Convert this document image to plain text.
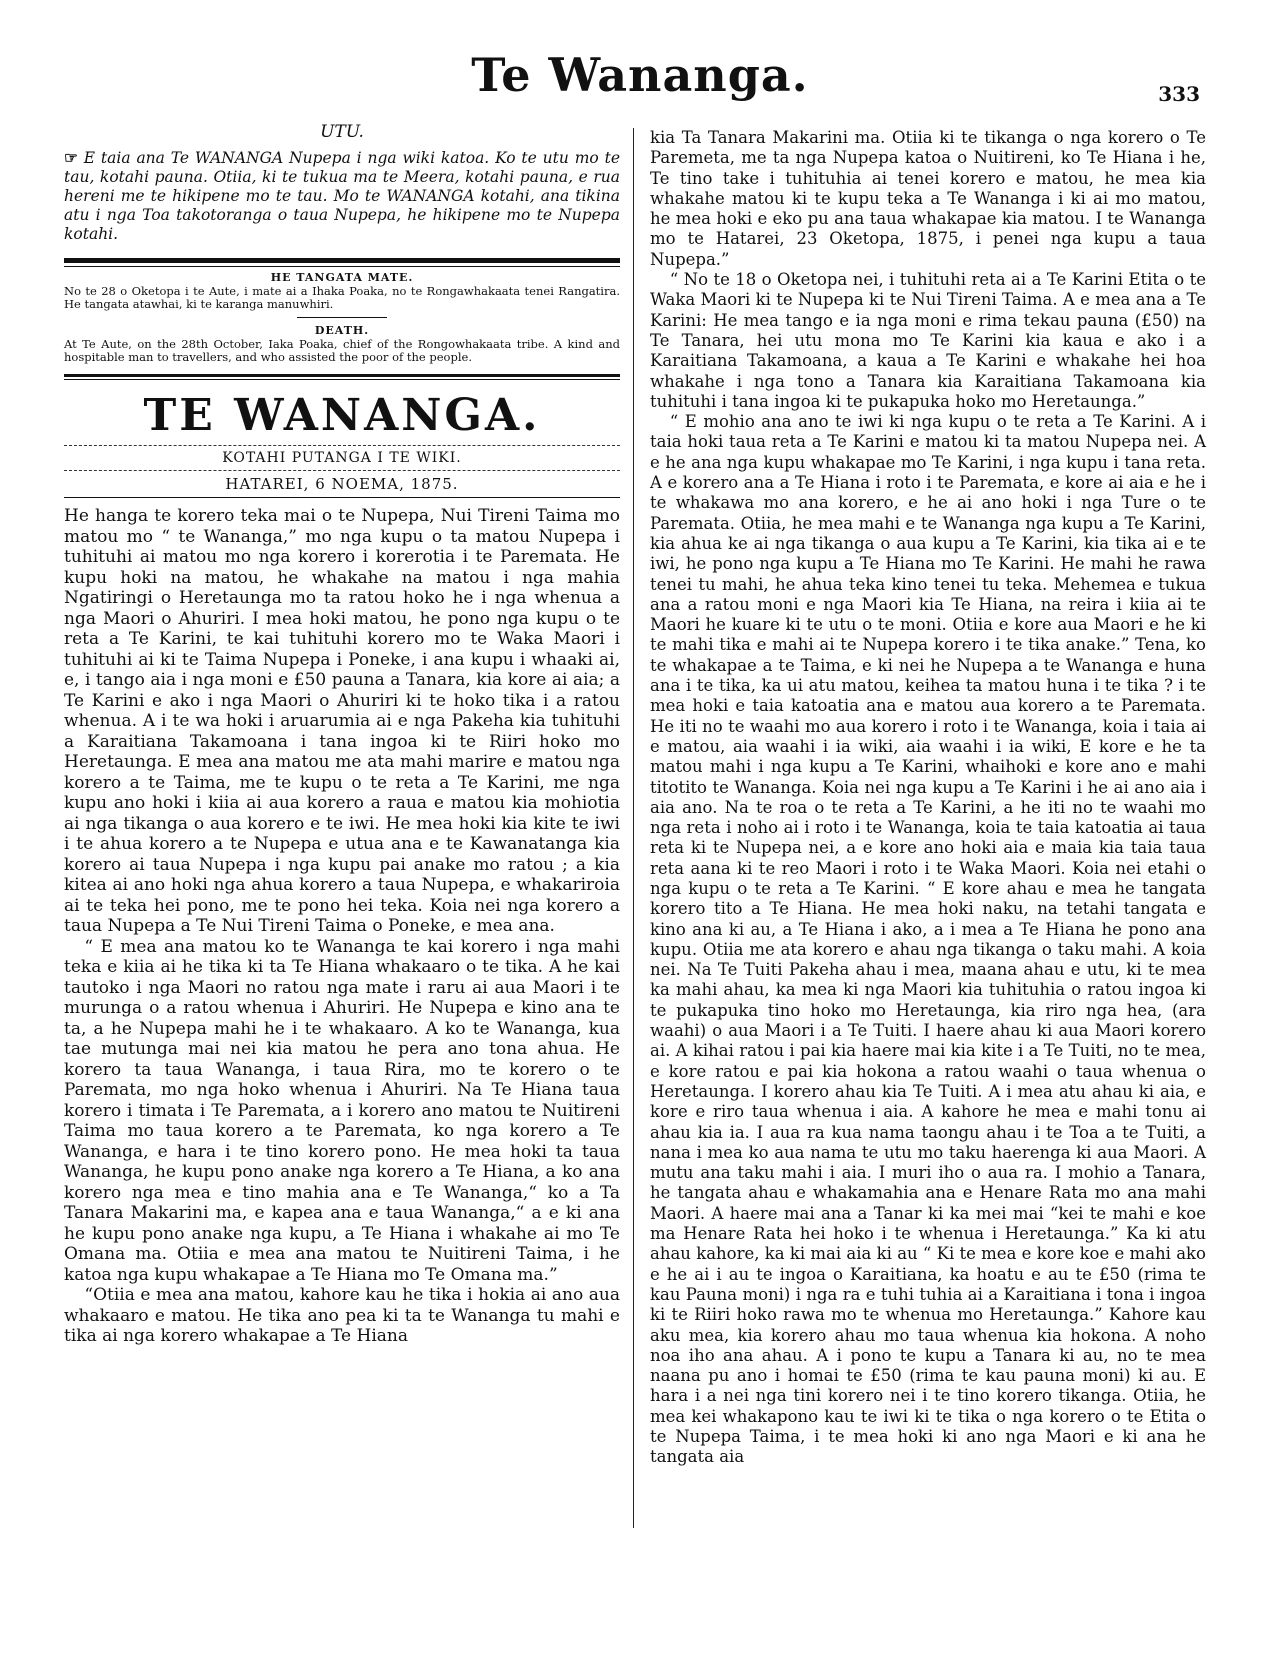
Te Wananga.	333

UTU.

☞ E taia ana Te WANANGA Nupepa i nga wiki katoa. Ko te utu mo te tau, kotahi pauna. Otiia, ki te tukua ma te Meera, kotahi pauna, e rua hereni me te hikipene mo te tau. Mo te WANANGA kotahi, ana tikina atu i nga Toa takotoranga o taua Nupepa, he hikipene mo te Nupepa kotahi.

HE TANGATA MATE.

No te 28 o Oketopa i te Aute, i mate ai a Ihaka Poaka, no te Rongawhakaata tenei Rangatira. He tangata atawhai, ki te karanga manuwhiri.

DEATH.

At Te Aute, on the 28th October, Iaka Poaka, chief of the Rongowhakaata tribe. A kind and hospitable man to travellers, and who assisted the poor of the people.

TE WANANGA.
KOTAHI PUTANGA I TE WIKI.
HATAREI, 6 NOEMA, 1875.

He hanga te korero teka mai o te Nupepa, Nui Tireni Taima mo matou mo “ te Wananga,” mo nga kupu o ta matou Nupepa i tuhituhi ai matou mo nga korero i korerotia i te Paremata. He kupu hoki na matou, he whakahe na matou i nga mahia Ngatiringi o Heretaunga mo ta ratou hoko he i nga whenua a nga Maori o Ahuriri. I mea hoki matou, he pono nga kupu o te reta a Te Karini, te kai tuhituhi korero mo te Waka Maori i tuhituhi ai ki te Taima Nupepa i Poneke, i ana kupu i whaaki ai, e, i tango aia i nga moni e £50 pauna a Tanara, kia kore ai aia; a Te Karini e ako i nga Maori o Ahuriri ki te hoko tika i a ratou whenua. A i te wa hoki i aruarumia ai e nga Pakeha kia tuhituhi a Karaitiana Takamoana i tana ingoa ki te Riiri hoko mo Heretaunga. E mea ana matou me ata mahi marire e matou nga korero a te Taima, me te kupu o te reta a Te Karini, me nga kupu ano hoki i kiia ai aua korero a raua e matou kia mohiotia ai nga tikanga o aua korero e te iwi. He mea hoki kia kite te iwi i te ahua korero a te Nupepa e utua ana e te Kawanatanga kia korero ai taua Nupepa i nga kupu pai anake mo ratou ; a kia kitea ai ano hoki nga ahua korero a taua Nupepa, e whakariroia ai te teka hei pono, me te pono hei teka. Koia nei nga korero a taua Nupepa a Te Nui Tireni Taima o Poneke, e mea ana.

“ E mea ana matou ko te Wananga te kai korero i nga mahi teka e kiia ai he tika ki ta Te Hiana whakaaro o te tika. A he kai tautoko i nga Maori no ratou nga mate i raru ai aua Maori i te murunga o a ratou whenua i Ahuriri. He Nupepa e kino ana te ta, a he Nupepa mahi he i te whakaaro. A ko te Wananga, kua tae mutunga mai nei kia matou he pera ano tona ahua. He korero ta taua Wananga, i taua Rira, mo te korero o te Paremata, mo nga hoko whenua i Ahuriri. Na Te Hiana taua korero i timata i Te Paremata, a i korero ano matou te Nuitireni Taima mo taua korero a te Paremata, ko nga korero a Te Wananga, e hara i te tino korero pono. He mea hoki ta taua Wananga, he kupu pono anake nga korero a Te Hiana, a ko ana korero nga mea e tino mahia ana e Te Wananga,“ ko a Ta Tanara Makarini ma, e kapea ana e taua Wananga,“ a e ki ana he kupu pono anake nga kupu, a Te Hiana i whakahe ai mo Te Omana ma. Otiia e mea ana matou te Nuitireni Taima, i he katoa nga kupu whakapae a Te Hiana mo Te Omana ma.”

“Otiia e mea ana matou, kahore kau he tika i hokia ai ano aua whakaaro e matou. He tika ano pea ki ta te Wananga tu mahi e tika ai nga korero whakapae a Te Hiana

kia Ta Tanara Makarini ma. Otiia ki te tikanga o nga korero o Te Paremeta, me ta nga Nupepa katoa o Nuitireni, ko Te Hiana i he, Te tino take i tuhituhia ai tenei korero e matou, he mea kia whakahe matou ki te kupu teka a Te Wananga i ki ai mo matou, he mea hoki e eko pu ana taua whakapae kia matou. I te Wananga mo te Hatarei, 23 Oketopa, 1875, i penei nga kupu a taua Nupepa.”

“ No te 18 o Oketopa nei, i tuhituhi reta ai a Te Karini Etita o te Waka Maori ki te Nupepa ki te Nui Tireni Taima. A e mea ana a Te Karini: He mea tango e ia nga moni e rima tekau pauna (£50) na Te Tanara, hei utu mona mo Te Karini kia kaua e ako i a Karaitiana Takamoana, a kaua a Te Karini e whakahe hei hoa whakahe i nga tono a Tanara kia Karaitiana Takamoana kia tuhituhi i tana ingoa ki te pukapuka hoko mo Heretaunga.”

“ E mohio ana ano te iwi ki nga kupu o te reta a Te Karini. A i taia hoki taua reta a Te Karini e matou ki ta matou Nupepa nei. A e he ana nga kupu whakapae mo Te Karini, i nga kupu i tana reta. A e korero ana a Te Hiana i roto i te Paremata, e kore ai aia e he i te whakawa mo ana korero, e he ai ano hoki i nga Ture o te Paremata. Otiia, he mea mahi e te Wananga nga kupu a Te Karini, kia ahua ke ai nga tikanga o aua kupu a Te Karini, kia tika ai e te iwi, he pono nga kupu a Te Hiana mo Te Karini. He mahi he rawa tenei tu mahi, he ahua teka kino tenei tu teka. Mehemea e tukua ana a ratou moni e nga Maori kia Te Hiana, na reira i kiia ai te Maori he kuare ki te utu o te moni. Otiia e kore aua Maori e he ki te mahi tika e mahi ai te Nupepa korero i te tika anake.” Tena, ko te whakapae a te Taima, e ki nei he Nupepa a te Wananga e huna ana i te tika, ka ui atu matou, keihea ta matou huna i te tika ? i te mea hoki e taia katoatia ana e matou aua korero a te Paremata. He iti no te waahi mo aua korero i roto i te Wananga, koia i taia ai e matou, aia waahi i ia wiki, aia waahi i ia wiki, E kore e he ta matou mahi i nga kupu a Te Karini, whaihoki e kore ano e mahi titotito te Wananga. Koia nei nga kupu a Te Karini i he ai ano aia i aia ano. Na te roa o te reta a Te Karini, a he iti no te waahi mo nga reta i noho ai i roto i te Wananga, koia te taia katoatia ai taua reta ki te Nupepa nei, a e kore ano hoki aia e maia kia taia taua reta aana ki te reo Maori i roto i te Waka Maori. Koia nei etahi o nga kupu o te reta a Te Karini. “ E kore ahau e mea he tangata korero tito a Te Hiana. He mea hoki naku, na tetahi tangata e kino ana ki au, a Te Hiana i ako, a i mea a Te Hiana he pono ana kupu. Otiia me ata korero e ahau nga tikanga o taku mahi. A koia nei. Na Te Tuiti Pakeha ahau i mea, maana ahau e utu, ki te mea ka mahi ahau, ka mea ki nga Maori kia tuhituhia o ratou ingoa ki te pukapuka tino hoko mo Heretaunga, kia riro nga hea, (ara waahi) o aua Maori i a Te Tuiti. I haere ahau ki aua Maori korero ai. A kihai ratou i pai kia haere mai kia kite i a Te Tuiti, no te mea, e kore ratou e pai kia hokona a ratou waahi o taua whenua o Heretaunga. I korero ahau kia Te Tuiti. A i mea atu ahau ki aia, e kore e riro taua whenua i aia. A kahore he mea e mahi tonu ai ahau kia ia. I aua ra kua nama taongu ahau i te Toa a te Tuiti, a nana i mea ko aua nama te utu mo taku haerenga ki aua Maori. A mutu ana taku mahi i aia. I muri iho o aua ra. I mohio a Tanara, he tangata ahau e whakamahia ana e Henare Rata mo ana mahi Maori. A haere mai ana a Tanar ki ka mei mai “kei te mahi e koe ma Henare Rata hei hoko i te whenua i Heretaunga.” Ka ki atu ahau kahore, ka ki mai aia ki au “ Ki te mea e kore koe e mahi ako e he ai i au te ingoa o Karaitiana, ka hoatu e au te £50 (rima te kau Pauna moni) i nga ra e tuhi tuhia ai a Karaitiana i tona i ingoa ki te Riiri hoko rawa mo te whenua mo Heretaunga.” Kahore kau aku mea, kia korero ahau mo taua whenua kia hokona. A noho noa iho ana ahau. A i pono te kupu a Tanara ki au, no te mea naana pu ano i homai te £50 (rima te kau pauna moni) ki au. E hara i a nei nga tini korero nei i te tino korero tikanga. Otiia, he mea kei whakapono kau te iwi ki te tika o nga korero o te Etita o te Nupepa Taima, i te mea hoki ki ano nga Maori e ki ana he tangata aia
